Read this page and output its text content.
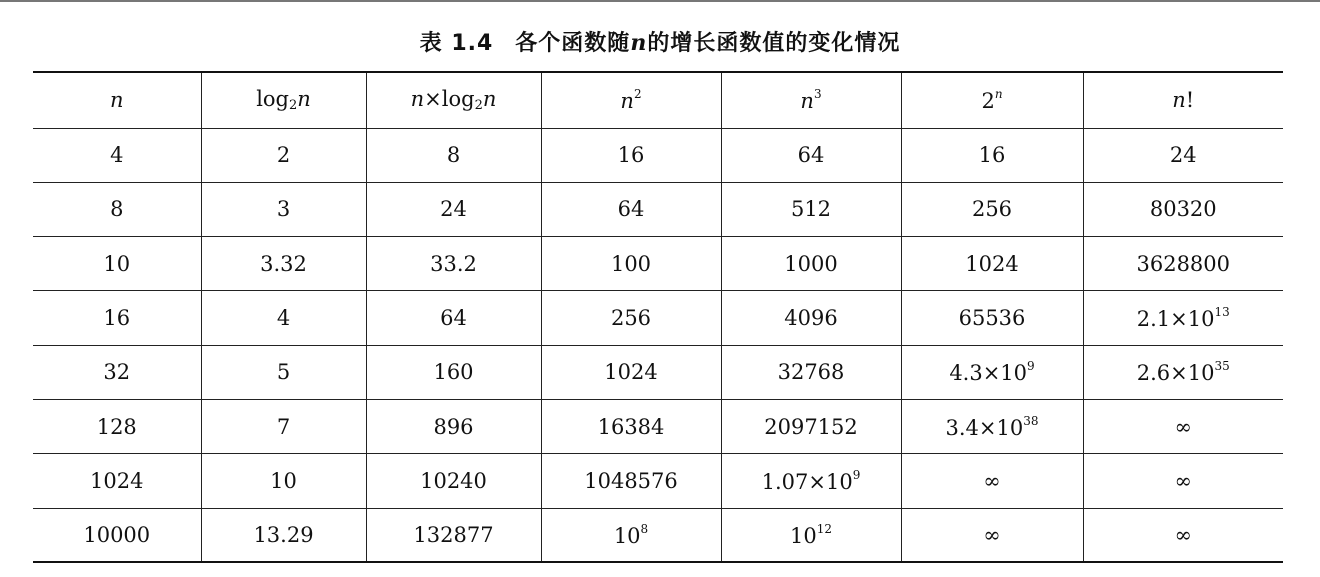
表 1.4 各个函数随n的增长函数值的变化情况
n	$\log_2n$	$n\times\log_2n$	$n^2$	$n^3$	2$^n$	n!
4	2	8	16	64	16	24
8	3	24	64	512	256	80320
10	3.32	33.2	100	1000	1024	3628800
16	4	64	256	4096	65536	$2.1\times 10^{13}$
32	5	160	1024	32768	$4.3\times 10^9$	$2.6\times 10^{35}$
128	7	896	16384	2097152	$3.4\times 10^{38}$	∞
1024	10	10240	1048576	$1.07\times 10^9$	∞	∞
10000	13.29	132877	$10^8$	$10^{12}$	∞	∞
